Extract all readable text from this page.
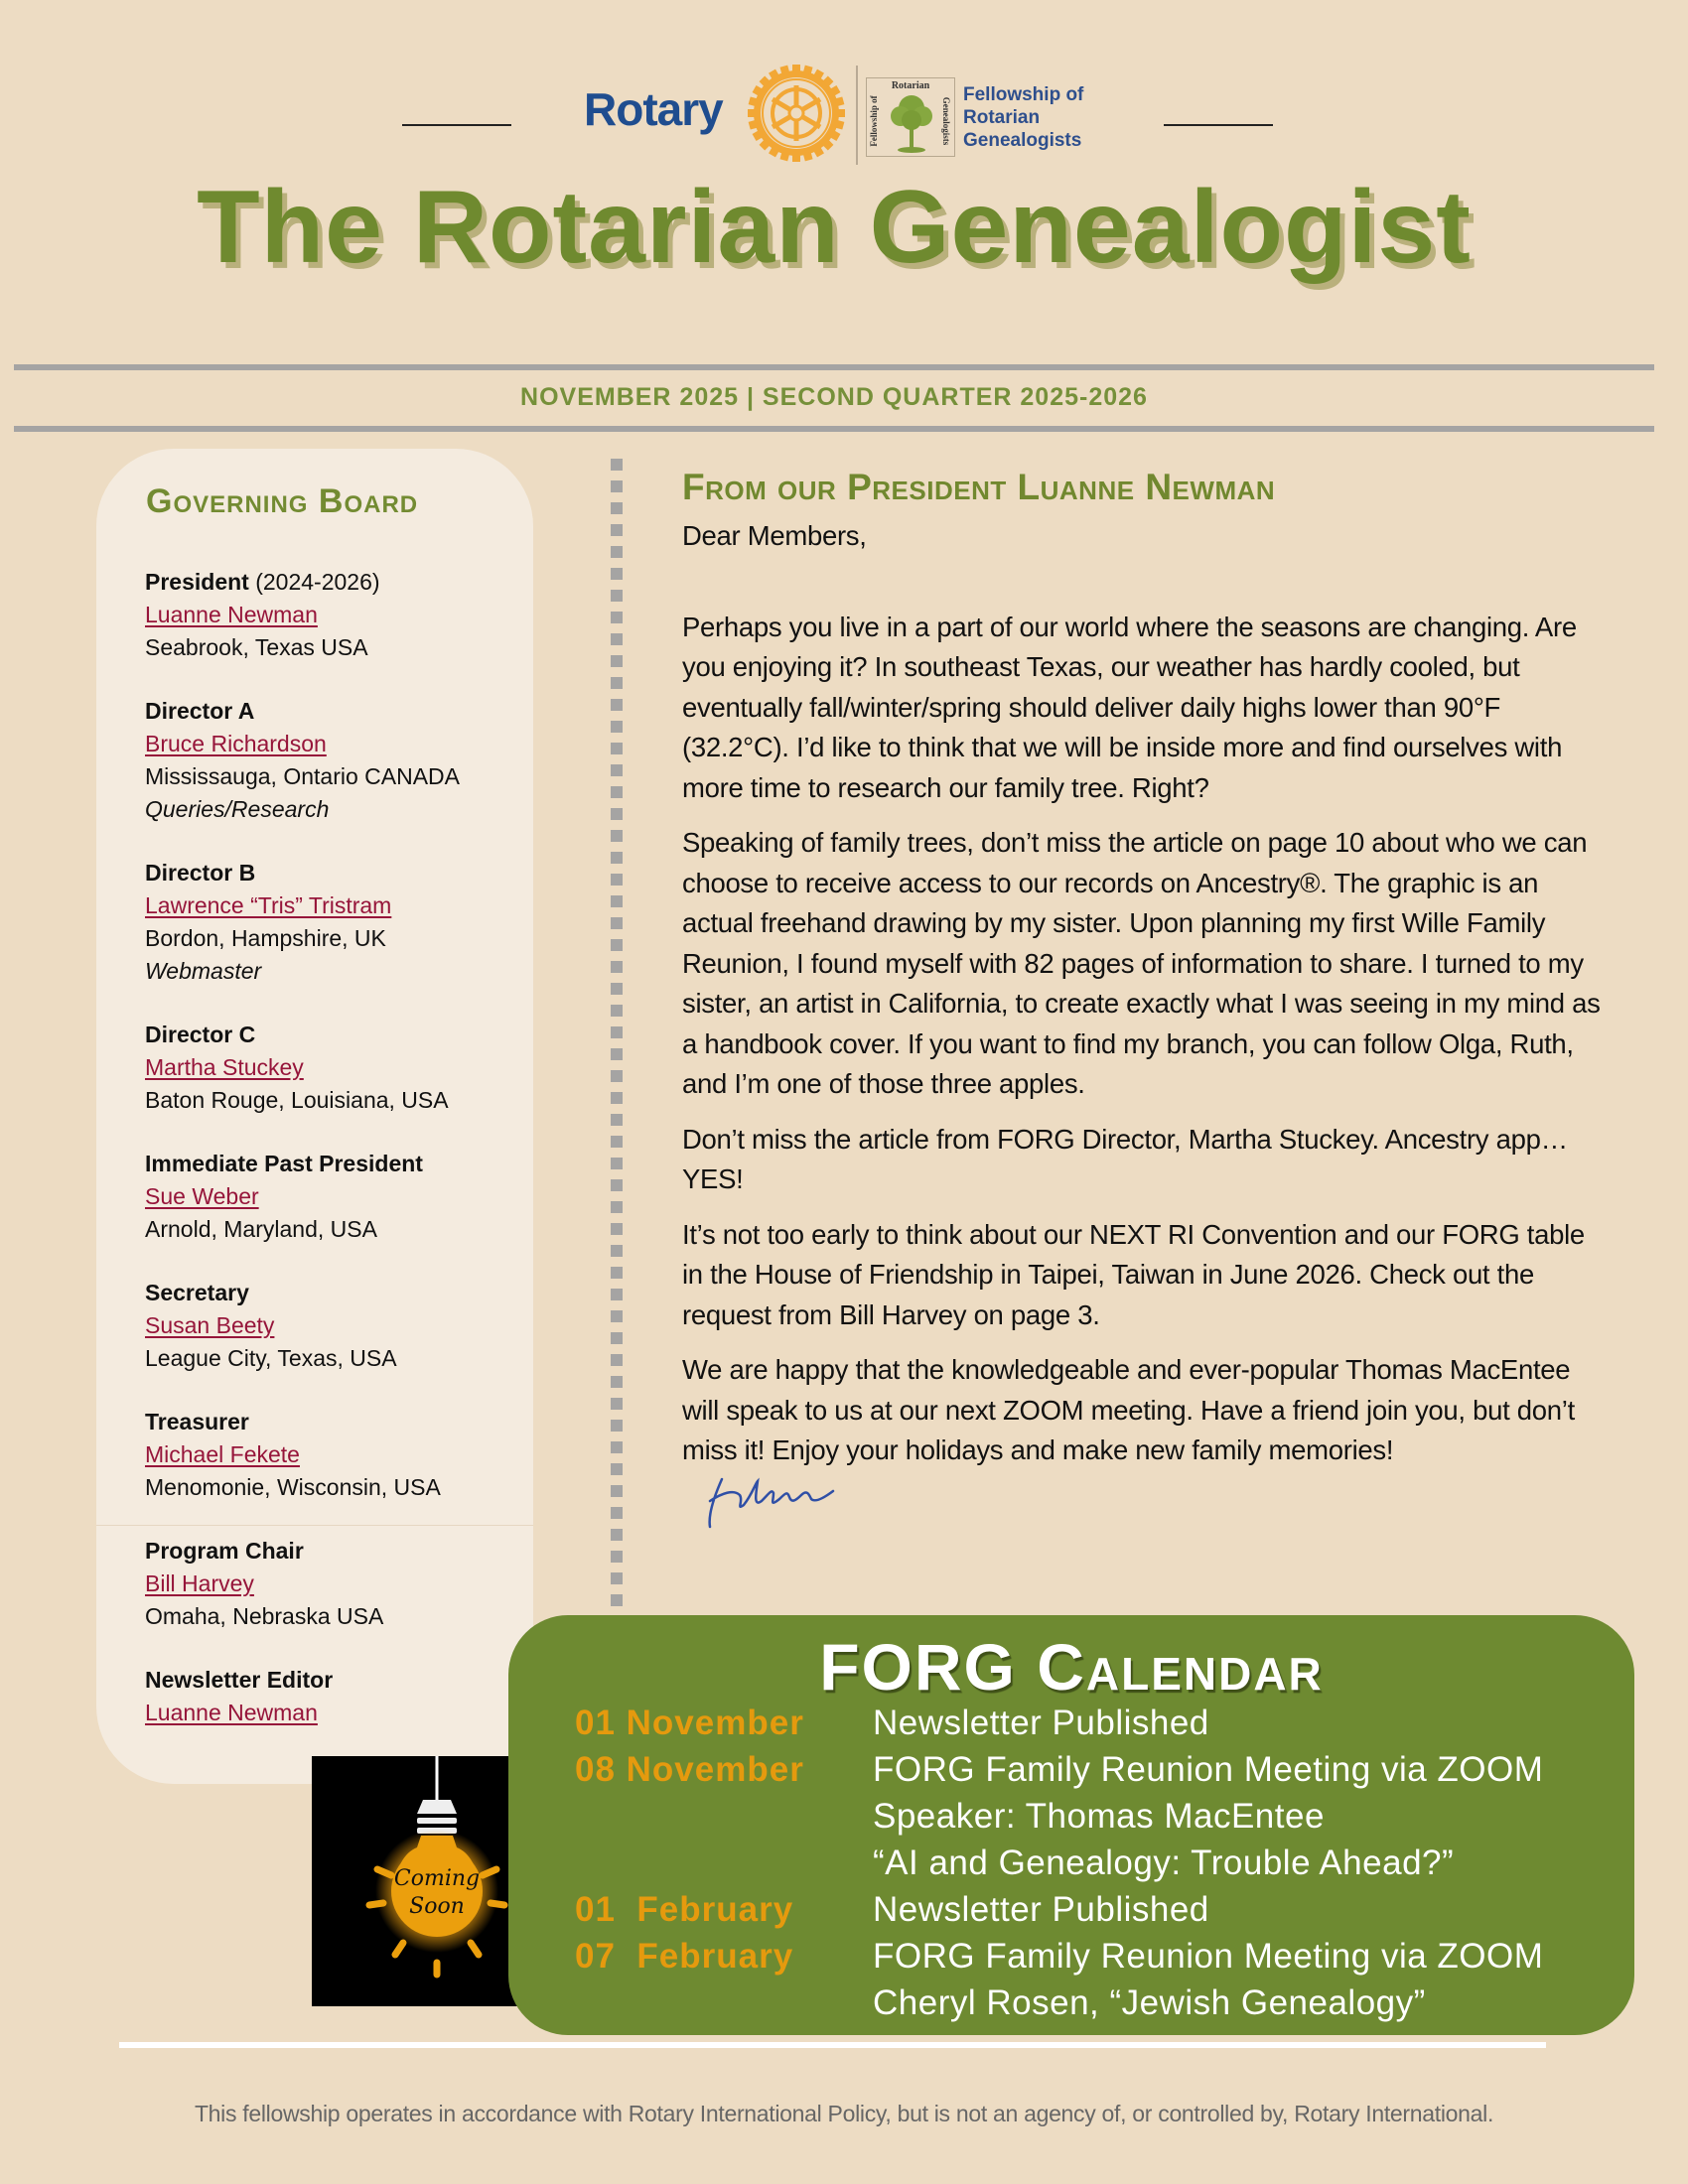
Rotary	Rotarian
Fellowship of	Genealogists
Fellowship of
Rotarian
Genealogists
The Rotarian Genealogist
NOVEMBER 2025 | SECOND QUARTER 2025-2026
Governing Board
President (2024-2026)
Luanne Newman
Seabrook, Texas USA
Director A
Bruce Richardson
Mississauga, Ontario CANADA
Queries/Research
Director B
Lawrence “Tris” Tristram
Bordon, Hampshire, UK
Webmaster
Director C
Martha Stuckey
Baton Rouge, Louisiana, USA
Immediate Past President
Sue Weber
Arnold, Maryland, USA
Secretary
Susan Beety
League City, Texas, USA
Treasurer
Michael Fekete
Menomonie, Wisconsin, USA
Program Chair
Bill Harvey
Omaha, Nebraska USA
Newsletter Editor
Luanne Newman
From our President Luanne Newman

Dear Members,

Perhaps you live in a part of our world where the seasons are changing. Are you enjoying it? In southeast Texas, our weather has hardly cooled, but eventually fall/winter/spring should deliver daily highs lower than 90°F (32.2°C). I’d like to think that we will be inside more and find ourselves with more time to research our family tree. Right?

Speaking of family trees, don’t miss the article on page 10 about who we can choose to receive access to our records on Ancestry®. The graphic is an actual freehand drawing by my sister. Upon planning my first Wille Family Reunion, I found myself with 82 pages of information to share. I turned to my sister, an artist in California, to create exactly what I was seeing in my mind as a handbook cover. If you want to find my branch, you can follow Olga, Ruth, and I’m one of those three apples.

Don’t miss the article from FORG Director, Martha Stuckey. Ancestry app…YES!

It’s not too early to think about our NEXT RI Convention and our FORG table in the House of Friendship in Taipei, Taiwan in June 2026. Check out the request from Bill Harvey on page 3.

We are happy that the knowledgeable and ever-popular Thomas MacEntee will speak to us at our next ZOOM meeting. Have a friend join you, but don’t miss it! Enjoy your holidays and make new family memories!

Coming
Soon
FORG Calendar
01 November	Newsletter Published
08 November	FORG Family Reunion Meeting via ZOOM
Speaker: Thomas MacEntee
“AI and Genealogy: Trouble Ahead?”
01  February	Newsletter Published
07  February	FORG Family Reunion Meeting via ZOOM
Cheryl Rosen, “Jewish Genealogy”
This fellowship operates in accordance with Rotary International Policy, but is not an agency of, or controlled by, Rotary International.
